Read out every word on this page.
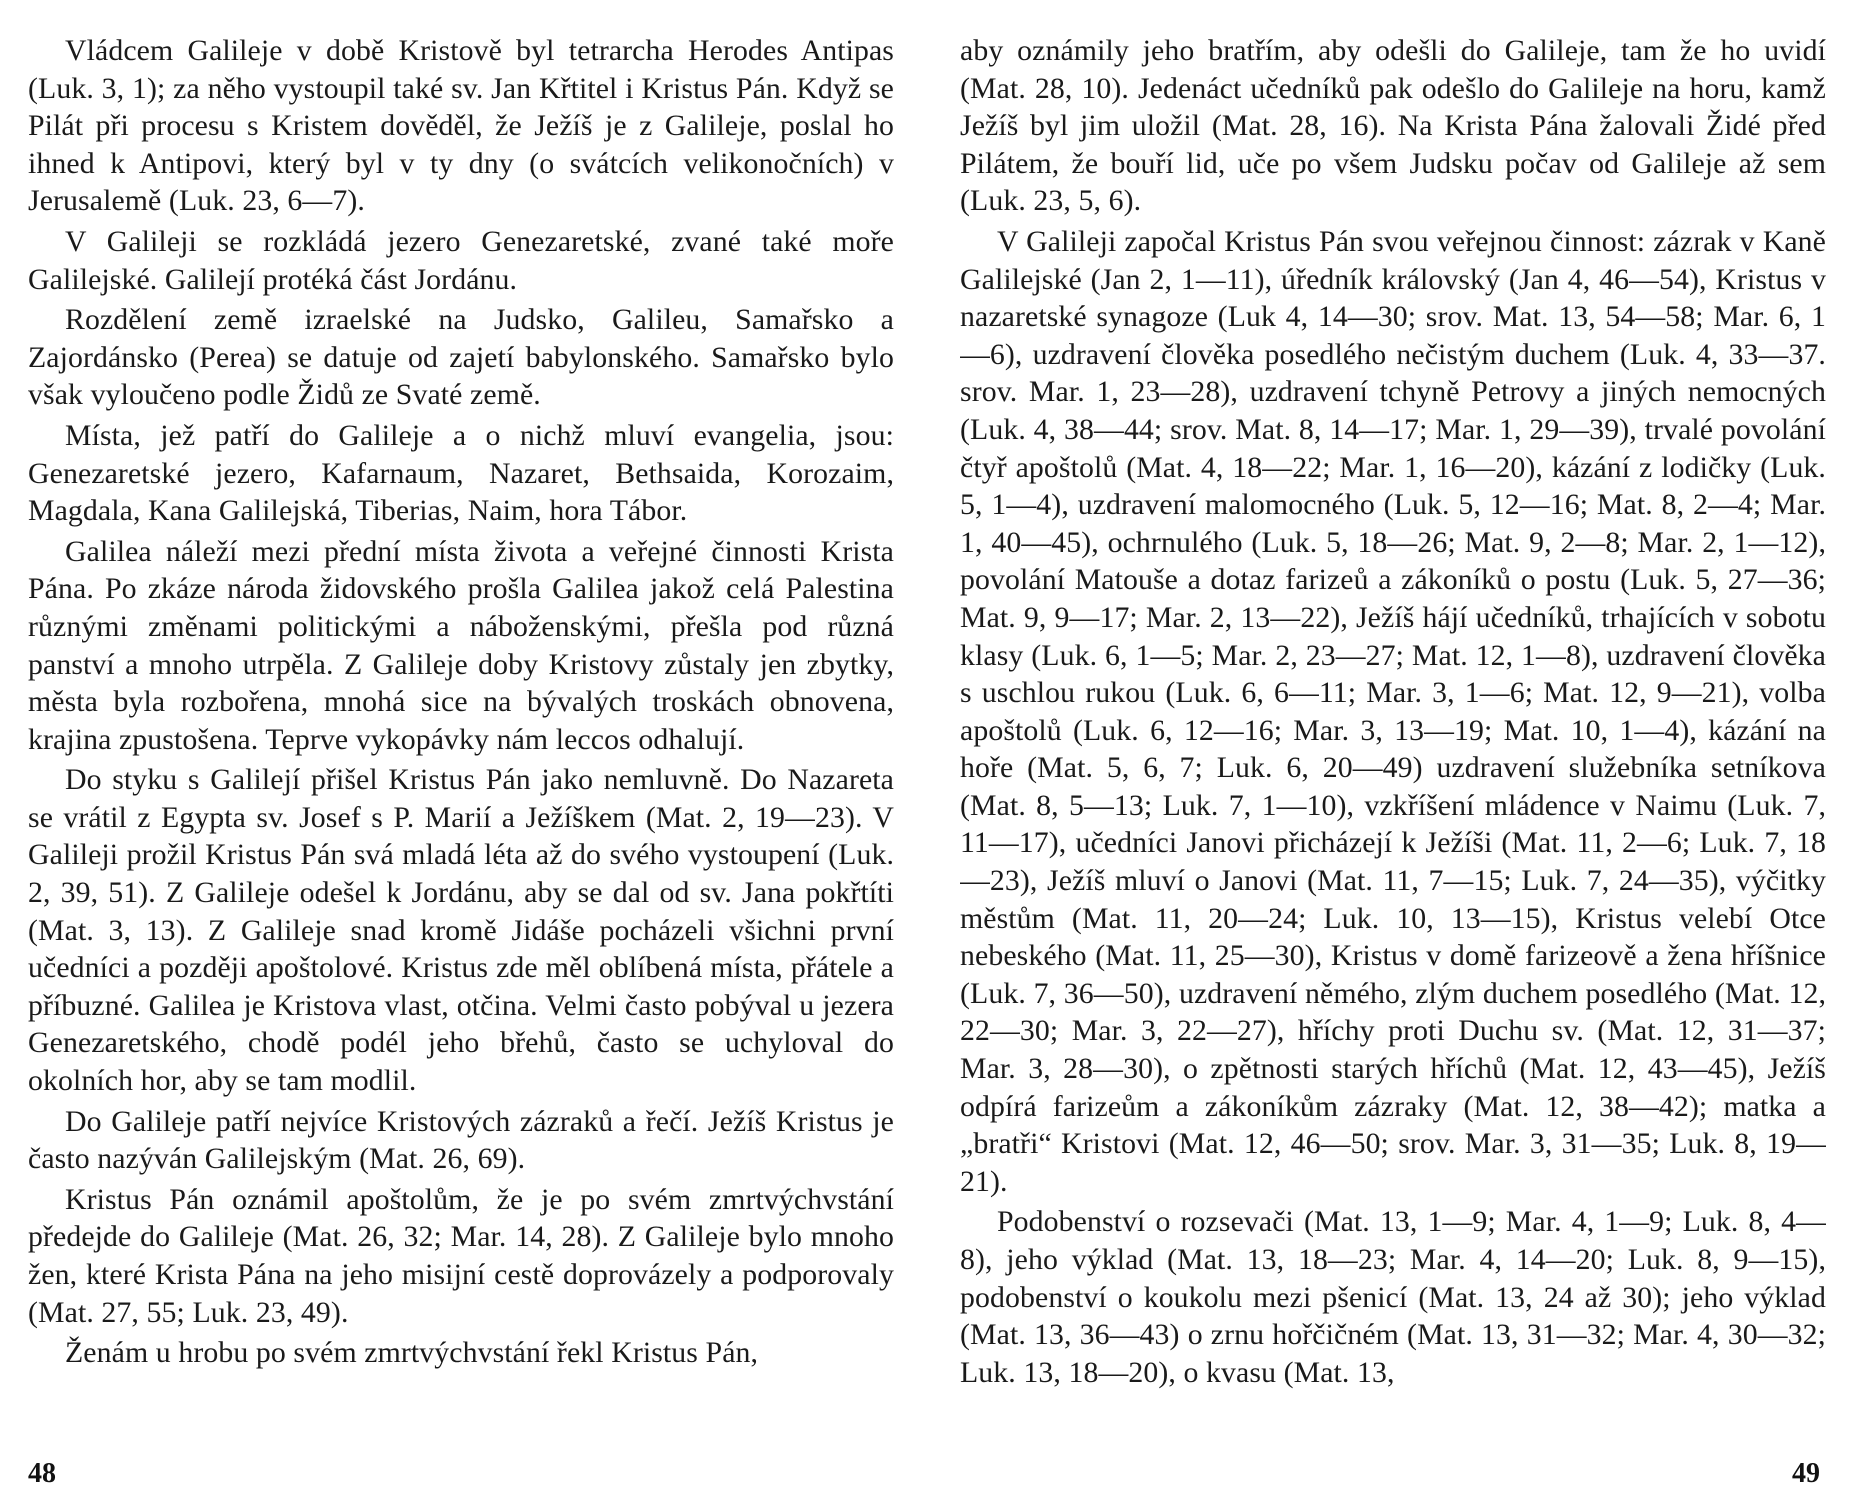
Vládcem Galileje v době Kristově byl tetrarcha Herodes Antipas (Luk. 3, 1); za něho vystoupil také sv. Jan Křtitel i Kristus Pán. Když se Pilát při procesu s Kristem dověděl, že Ježíš je z Galileje, poslal ho ihned k Antipovi, který byl v ty dny (o svátcích velikonočních) v Jerusalemě (Luk. 23, 6—7).

V Galileji se rozkládá jezero Genezaretské, zvané také moře Galilejské. Galilejí protéká část Jordánu.

Rozdělení země izraelské na Judsko, Galileu, Samařsko a Zajordánsko (Perea) se datuje od zajetí babylonského. Samařsko bylo však vyloučeno podle Židů ze Svaté země.

Místa, jež patří do Galileje a o nichž mluví evangelia, jsou: Genezaretské jezero, Kafarnaum, Nazaret, Bethsaida, Korozaim, Magdala, Kana Galilejská, Tiberias, Naim, hora Tábor.

Galilea náleží mezi přední místa života a veřejné činnosti Krista Pána. Po zkáze národa židovského prošla Galilea jakož celá Palestina různými změnami politickými a náboženskými, přešla pod různá panství a mnoho utrpěla. Z Galileje doby Kristovy zůstaly jen zbytky, města byla rozbořena, mnohá sice na bývalých troskách obnovena, krajina zpustošena. Teprve vykopávky nám leccos odhalují.

Do styku s Galilejí přišel Kristus Pán jako nemluvně. Do Nazareta se vrátil z Egypta sv. Josef s P. Marií a Ježíškem (Mat. 2, 19—23). V Galileji prožil Kristus Pán svá mladá léta až do svého vystoupení (Luk. 2, 39, 51). Z Galileje odešel k Jordánu, aby se dal od sv. Jana pokřtíti (Mat. 3, 13). Z Galileje snad kromě Jidáše pocházeli všichni první učedníci a později apoštolové. Kristus zde měl oblíbená místa, přátele a příbuzné. Galilea je Kristova vlast, otčina. Velmi často pobýval u jezera Genezaretského, chodě podél jeho břehů, často se uchyloval do okolních hor, aby se tam modlil.

Do Galileje patří nejvíce Kristových zázraků a řečí. Ježíš Kristus je často nazýván Galilejským (Mat. 26, 69).

Kristus Pán oznámil apoštolům, že je po svém zmrtvýchvstání předejde do Galileje (Mat. 26, 32; Mar. 14, 28). Z Galileje bylo mnoho žen, které Krista Pána na jeho misijní cestě doprovázely a podporovaly (Mat. 27, 55; Luk. 23, 49).

Ženám u hrobu po svém zmrtvýchvstání řekl Kristus Pán,

aby oznámily jeho bratřím, aby odešli do Galileje, tam že ho uvidí (Mat. 28, 10). Jedenáct učedníků pak odešlo do Galileje na horu, kamž Ježíš byl jim uložil (Mat. 28, 16). Na Krista Pána žalovali Židé před Pilátem, že bouří lid, uče po všem Judsku počav od Galileje až sem (Luk. 23, 5, 6).

V Galileji započal Kristus Pán svou veřejnou činnost: zázrak v Kaně Galilejské (Jan 2, 1—11), úředník královský (Jan 4, 46—54), Kristus v nazaretské synagoze (Luk 4, 14—30; srov. Mat. 13, 54—58; Mar. 6, 1—6), uzdravení člověka posedlého nečistým duchem (Luk. 4, 33—37. srov. Mar. 1, 23—28), uzdravení tchyně Petrovy a jiných nemocných (Luk. 4, 38—44; srov. Mat. 8, 14—17; Mar. 1, 29—39), trvalé povolání čtyř apoštolů (Mat. 4, 18—22; Mar. 1, 16—20), kázání z lodičky (Luk. 5, 1—4), uzdravení malomocného (Luk. 5, 12—16; Mat. 8, 2—4; Mar. 1, 40—45), ochrnulého (Luk. 5, 18—26; Mat. 9, 2—8; Mar. 2, 1—12), povolání Matouše a dotaz farizeů a zákoníků o postu (Luk. 5, 27—36; Mat. 9, 9—17; Mar. 2, 13—22), Ježíš hájí učedníků, trhajících v sobotu klasy (Luk. 6, 1—5; Mar. 2, 23—27; Mat. 12, 1—8), uzdravení člověka s uschlou rukou (Luk. 6, 6—11; Mar. 3, 1—6; Mat. 12, 9—21), volba apoštolů (Luk. 6, 12—16; Mar. 3, 13—19; Mat. 10, 1—4), kázání na hoře (Mat. 5, 6, 7; Luk. 6, 20—49) uzdravení služebníka setníkova (Mat. 8, 5—13; Luk. 7, 1—10), vzkříšení mládence v Naimu (Luk. 7, 11—17), učedníci Janovi přicházejí k Ježíši (Mat. 11, 2—6; Luk. 7, 18—23), Ježíš mluví o Janovi (Mat. 11, 7—15; Luk. 7, 24—35), výčitky městům (Mat. 11, 20—24; Luk. 10, 13—15), Kristus velebí Otce nebeského (Mat. 11, 25—30), Kristus v domě farizeově a žena hříšnice (Luk. 7, 36—50), uzdravení němého, zlým duchem posedlého (Mat. 12, 22—30; Mar. 3, 22—27), hříchy proti Duchu sv. (Mat. 12, 31—37; Mar. 3, 28—30), o zpětnosti starých hříchů (Mat. 12, 43—45), Ježíš odpírá farizeům a zákoníkům zázraky (Mat. 12, 38—42); matka a „bratři“ Kristovi (Mat. 12, 46—50; srov. Mar. 3, 31—35; Luk. 8, 19—21).

Podobenství o rozsevači (Mat. 13, 1—9; Mar. 4, 1—9; Luk. 8, 4—8), jeho výklad (Mat. 13, 18—23; Mar. 4, 14—20; Luk. 8, 9—15), podobenství o koukolu mezi pšenicí (Mat. 13, 24 až 30); jeho výklad (Mat. 13, 36—43) o zrnu hořčičném (Mat. 13, 31—32; Mar. 4, 30—32; Luk. 13, 18—20), o kvasu (Mat. 13,

48	49
